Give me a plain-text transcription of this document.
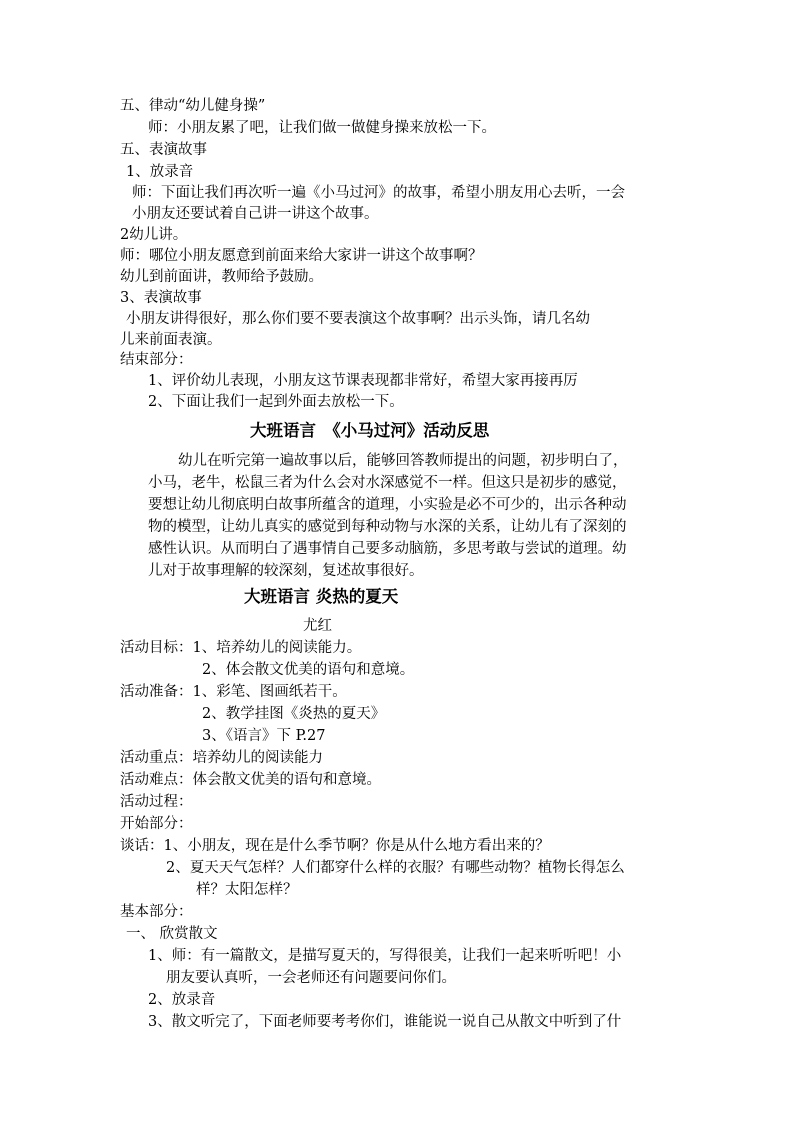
五、律动“幼儿健身操”
师：小朋友累了吧，让我们做一做健身操来放松一下。
五、表演故事
1、放录音
师：下面让我们再次听一遍《小马过河》的故事，希望小朋友用心去听，一会
小朋友还要试着自己讲一讲这个故事。
2幼儿讲。
师：哪位小朋友愿意到前面来给大家讲一讲这个故事啊？
幼儿到前面讲，教师给予鼓励。
3、表演故事
小朋友讲得很好，那么你们要不要表演这个故事啊？出示头饰，请几名幼
儿来前面表演。
结束部分：
1、评价幼儿表现，小朋友这节课表现都非常好，希望大家再接再厉
2、下面让我们一起到外面去放松一下。
大班语言　《小马过河》活动反思
幼儿在听完第一遍故事以后，能够回答教师提出的问题，初步明白了，
小马，老牛，松鼠三者为什么会对水深感觉不一样。但这只是初步的感觉，
要想让幼儿彻底明白故事所蕴含的道理，小实验是必不可少的，出示各种动
物的模型，让幼儿真实的感觉到每种动物与水深的关系，让幼儿有了深刻的
感性认识。从而明白了遇事情自己要多动脑筋，多思考敢与尝试的道理。幼
儿对于故事理解的较深刻，复述故事很好。
大班语言 炎热的夏天
尤红
活动目标：1、培养幼儿的阅读能力。
2、体会散文优美的语句和意境。
活动准备：1、彩笔、图画纸若干。
2、教学挂图《炎热的夏天》
3、《语言》下 P.27
活动重点：培养幼儿的阅读能力
活动难点：体会散文优美的语句和意境。
活动过程：
开始部分：
谈话：1、小朋友，现在是什么季节啊？你是从什么地方看出来的？
2、夏天天气怎样？人们都穿什么样的衣服？有哪些动物？植物长得怎么
样？太阳怎样？
基本部分：
一、 欣赏散文
1、师：有一篇散文，是描写夏天的，写得很美，让我们一起来听听吧！小
朋友要认真听，一会老师还有问题要问你们。
2、放录音
3、散文听完了，下面老师要考考你们，谁能说一说自己从散文中听到了什
